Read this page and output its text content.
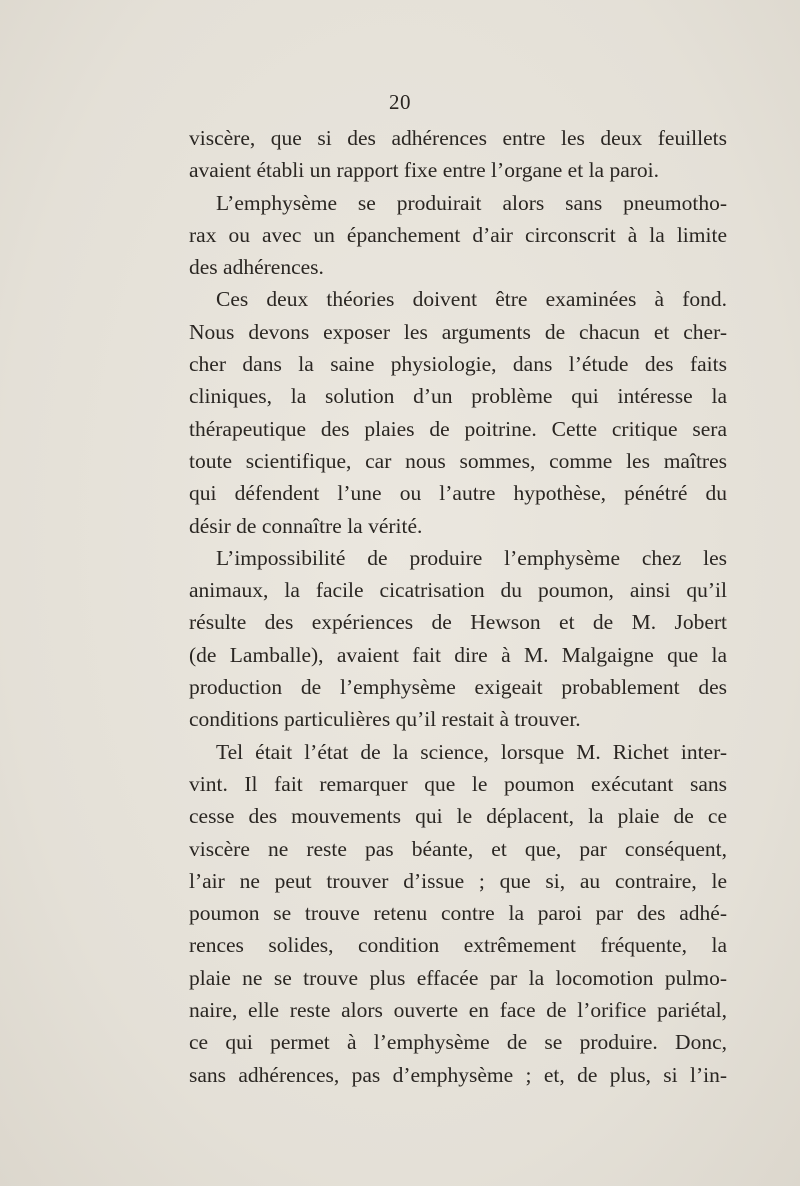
20
viscère, que si des adhérences entre les deux feuillets
avaient établi un rapport fixe entre l’organe et la paroi.
L’emphysème se produirait alors sans pneumotho-
rax ou avec un épanchement d’air circonscrit à la limite
des adhérences.
Ces deux théories doivent être examinées à fond.
Nous devons exposer les arguments de chacun et cher-
cher dans la saine physiologie, dans l’étude des faits
cliniques, la solution d’un problème qui intéresse la
thérapeutique des plaies de poitrine. Cette critique sera
toute scientifique, car nous sommes, comme les maîtres
qui défendent l’une ou l’autre hypothèse, pénétré du
désir de connaître la vérité.
L’impossibilité de produire l’emphysème chez les
animaux, la facile cicatrisation du poumon, ainsi qu’il
résulte des expériences de Hewson et de M. Jobert
(de Lamballe), avaient fait dire à M. Malgaigne que la
production de l’emphysème exigeait probablement des
conditions particulières qu’il restait à trouver.
Tel était l’état de la science, lorsque M. Richet inter-
vint. Il fait remarquer que le poumon exécutant sans
cesse des mouvements qui le déplacent, la plaie de ce
viscère ne reste pas béante, et que, par conséquent,
l’air ne peut trouver d’issue ; que si, au contraire, le
poumon se trouve retenu contre la paroi par des adhé-
rences solides, condition extrêmement fréquente, la
plaie ne se trouve plus effacée par la locomotion pulmo-
naire, elle reste alors ouverte en face de l’orifice pariétal,
ce qui permet à l’emphysème de se produire. Donc,
sans adhérences, pas d’emphysème ; et, de plus, si l’in-
